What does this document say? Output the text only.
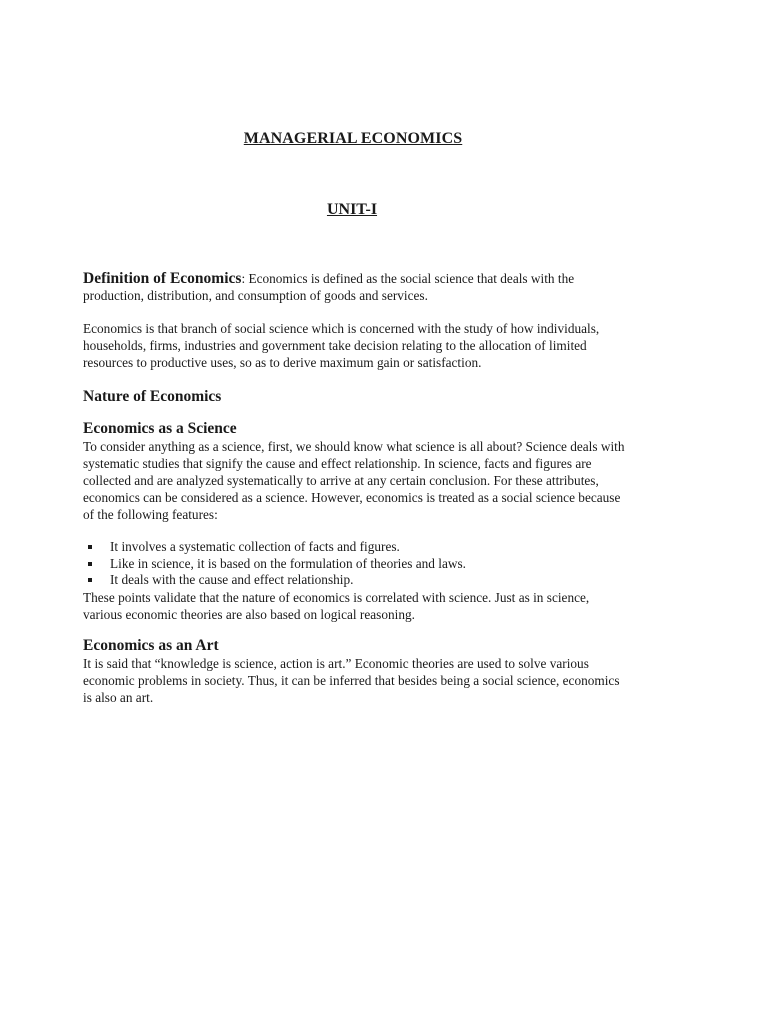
MANAGERIAL ECONOMICS
UNIT-I

Definition of Economics: Economics is defined as the social science that deals with the production, distribution, and consumption of goods and services.

Economics is that branch of social science which is concerned with the study of how individuals, households, firms, industries and government take decision relating to the allocation of limited resources to productive uses, so as to derive maximum gain or satisfaction.

Nature of Economics
Economics as a Science

To consider anything as a science, first, we should know what science is all about? Science deals with systematic studies that signify the cause and effect relationship. In science, facts and figures are collected and are analyzed systematically to arrive at any certain conclusion. For these attributes, economics can be considered as a science. However, economics is treated as a social science because of the following features:

It involves a systematic collection of facts and figures.
Like in science, it is based on the formulation of theories and laws.
It deals with the cause and effect relationship.

These points validate that the nature of economics is correlated with science. Just as in science, various economic theories are also based on logical reasoning.

Economics as an Art

It is said that “knowledge is science, action is art.” Economic theories are used to solve various economic problems in society. Thus, it can be inferred that besides being a social science, economics is also an art.
